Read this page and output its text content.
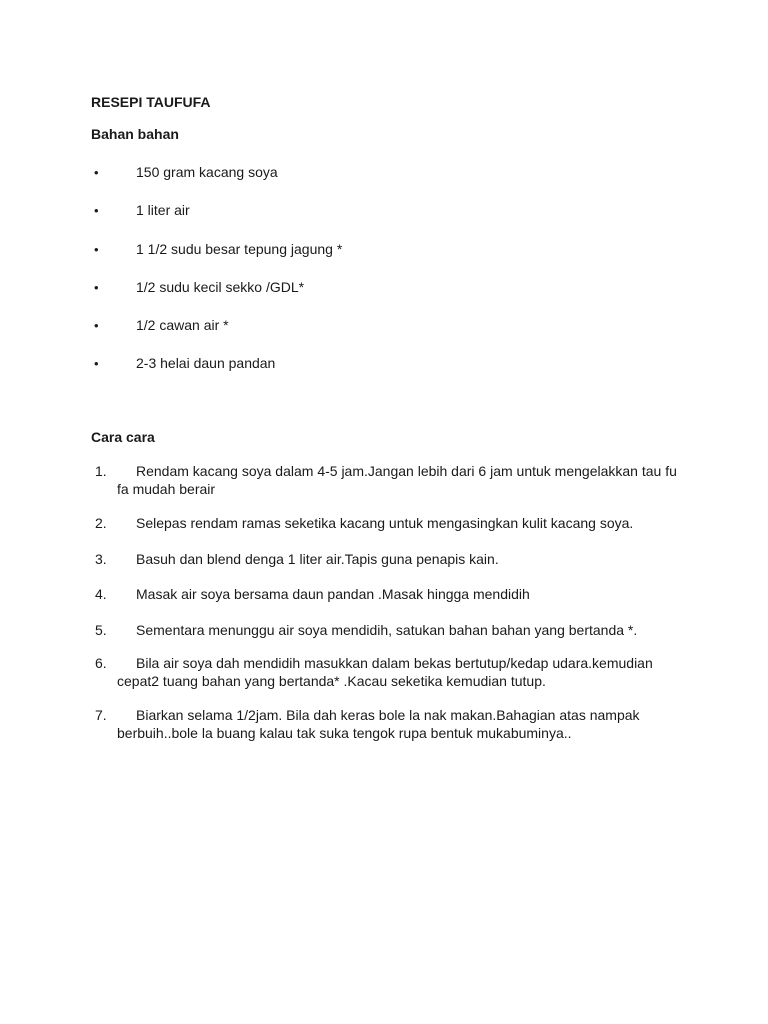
RESEPI TAUFUFA
Bahan bahan
•	150 gram kacang soya
•	1 liter air
•	1 1/2 sudu besar tepung jagung *
•	1/2 sudu kecil sekko /GDL*
•	1/2 cawan air *
•	2-3 helai daun pandan
Cara cara
1.	Rendam kacang soya dalam 4-5 jam.Jangan lebih dari 6 jam untuk mengelakkan tau fu fa mudah berair
2.	Selepas rendam ramas seketika kacang untuk mengasingkan kulit kacang soya.
3.	Basuh dan blend denga 1 liter air.Tapis guna penapis kain.
4.	Masak air soya bersama daun pandan .Masak hingga mendidih
5.	Sementara menunggu air soya mendidih, satukan bahan bahan yang bertanda *.
6.	Bila air soya dah mendidih masukkan dalam bekas bertutup/kedap udara.kemudian cepat2 tuang bahan yang bertanda* .Kacau seketika kemudian tutup.
7.	Biarkan selama 1/2jam. Bila dah keras bole la nak makan.Bahagian atas nampak berbuih..bole la buang kalau tak suka tengok rupa bentuk mukabuminya..
